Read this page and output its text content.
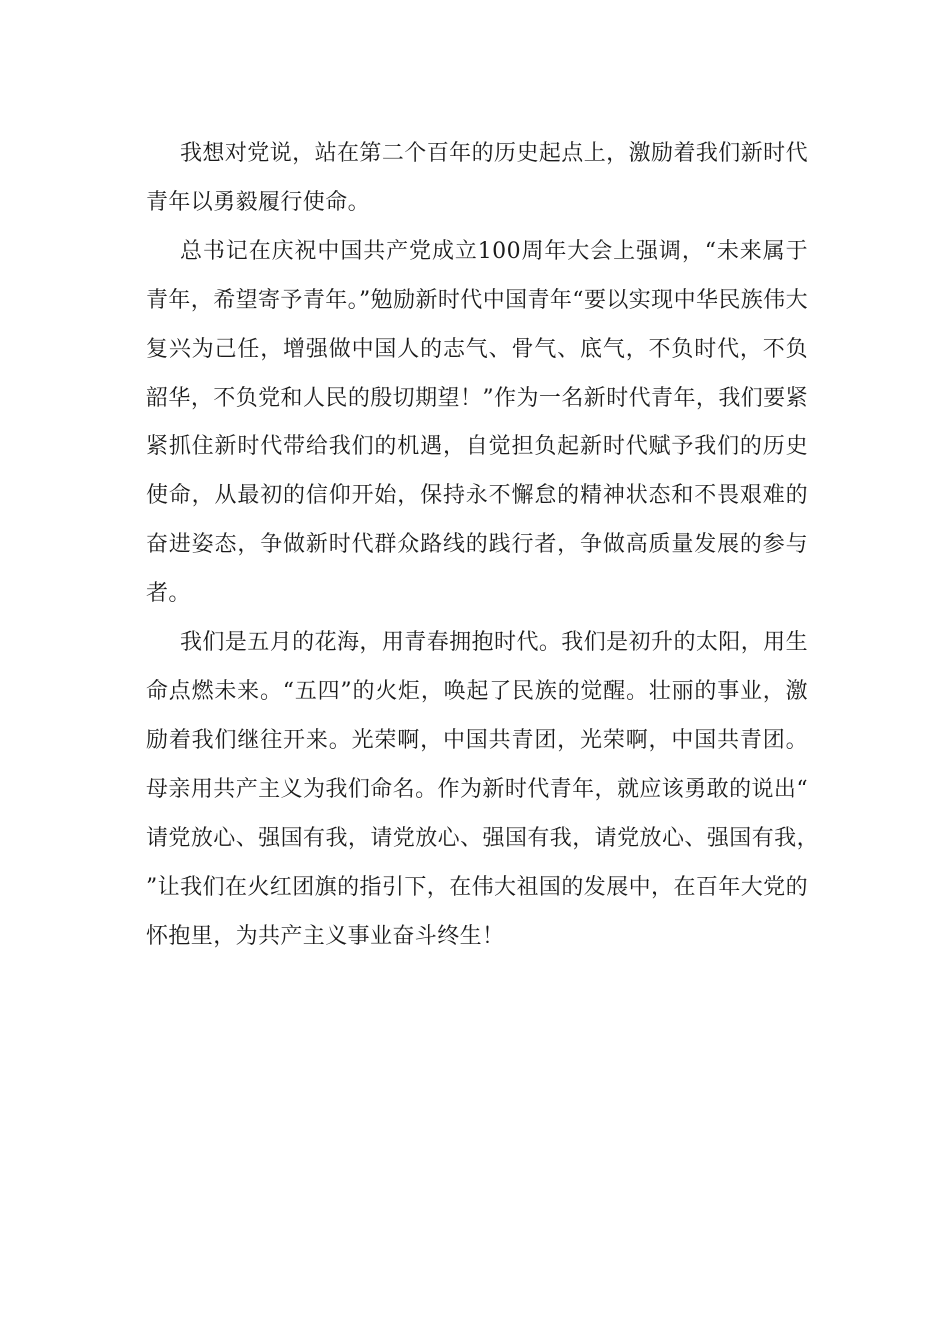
我想对党说，站在第二个百年的历史起点上，激励着我们新时代青年以勇毅履行使命。

总书记在庆祝中国共产党成立100周年大会上强调，“未来属于青年，希望寄予青年。”勉励新时代中国青年“要以实现中华民族伟大复兴为己任，增强做中国人的志气、骨气、底气，不负时代，不负韶华，不负党和人民的殷切期望！”作为一名新时代青年，我们要紧紧抓住新时代带给我们的机遇，自觉担负起新时代赋予我们的历史使命，从最初的信仰开始，保持永不懈怠的精神状态和不畏艰难的奋进姿态，争做新时代群众路线的践行者，争做高质量发展的参与者。

我们是五月的花海，用青春拥抱时代。我们是初升的太阳，用生命点燃未来。“五四”的火炬，唤起了民族的觉醒。壮丽的事业，激励着我们继往开来。光荣啊，中国共青团，光荣啊，中国共青团。母亲用共产主义为我们命名。作为新时代青年，就应该勇敢的说出“请党放心、强国有我，请党放心、强国有我，请党放心、强国有我，”让我们在火红团旗的指引下，在伟大祖国的发展中，在百年大党的怀抱里，为共产主义事业奋斗终生！
